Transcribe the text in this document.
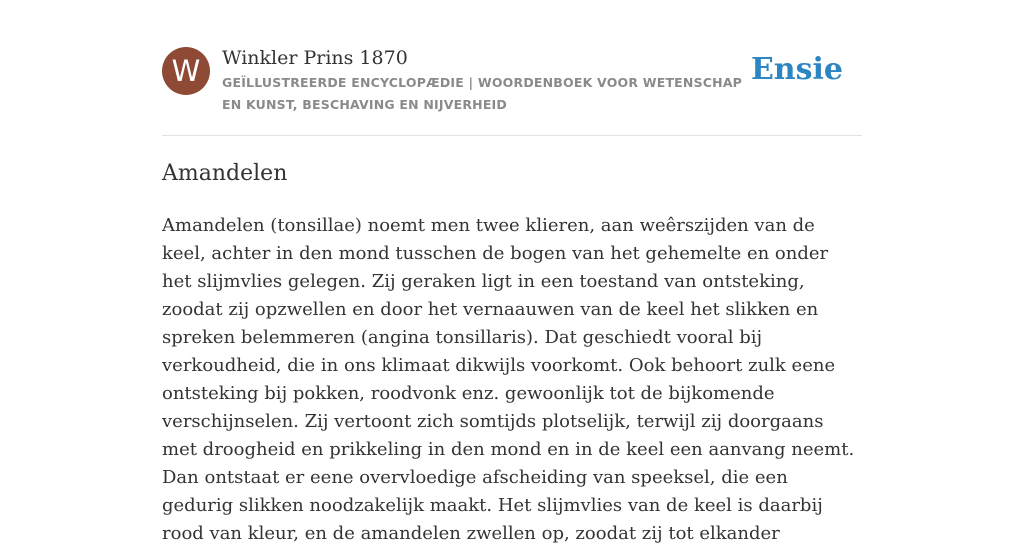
W	Winkler Prins 1870
GEÏLLUSTREERDE ENCYCLOPÆDIE | WOORDENBOEK VOOR WETENSCHAP EN KUNST, BESCHAVING EN NIJVERHEID
Ensie
Amandelen

Amandelen (tonsillae) noemt men twee klieren, aan weêrszijden van de keel, achter in den mond tusschen de bogen van het gehemelte en onder het slijmvlies gelegen. Zij geraken ligt in een toestand van ontsteking, zoodat zij opzwellen en door het vernaauwen van de keel het slikken en spreken belemmeren (angina tonsillaris). Dat geschiedt vooral bij verkoudheid, die in ons klimaat dikwijls voorkomt. Ook behoort zulk eene ontsteking bij pokken, roodvonk enz. gewoonlijk tot de bijkomende verschijnselen. Zij vertoont zich somtijds plotselijk, terwijl zij doorgaans met droogheid en prikkeling in den mond en in de keel een aanvang neemt. Dan ontstaat er eene overvloedige afscheiding van speeksel, die een gedurig slikken noodzakelijk maakt. Het slijmvlies van de keel is daarbij rood van kleur, en de amandelen zwellen op, zoodat zij tot elkander
